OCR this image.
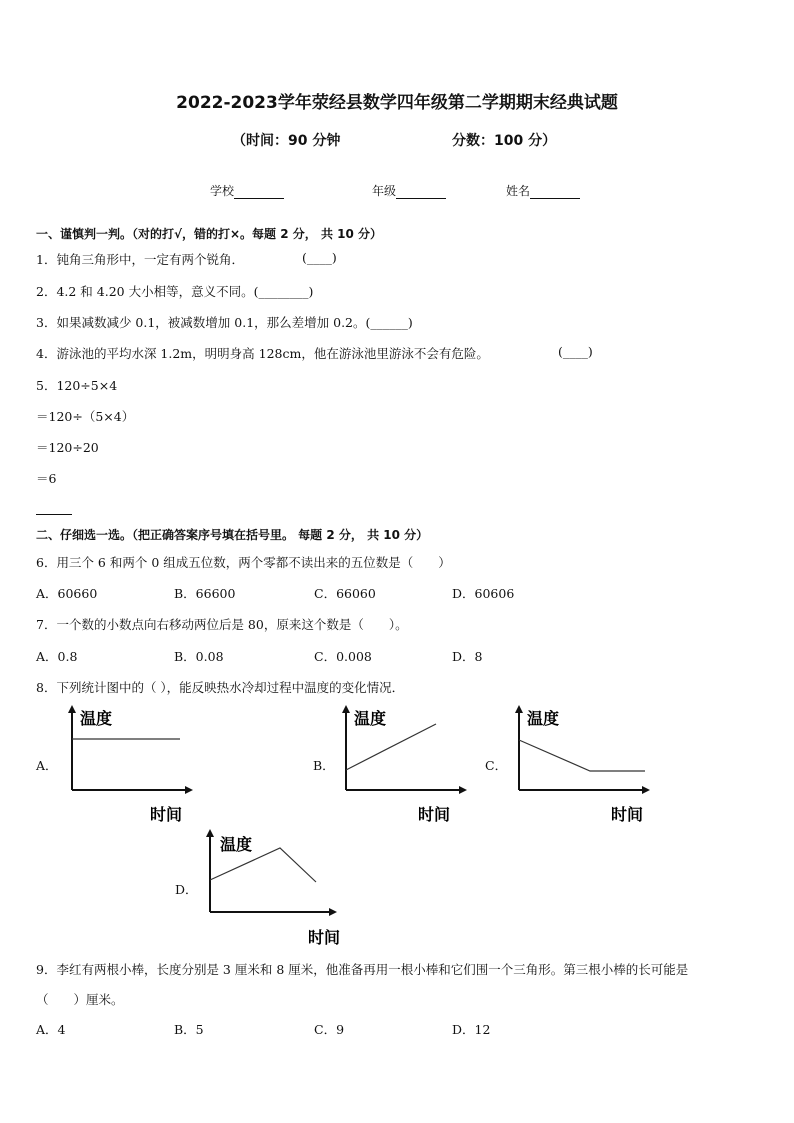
2022-2023学年荥经县数学四年级第二学期期末经典试题
（时间：90 分钟	分数：100 分）
学校	年级	姓名
一、谨慎判一判。（对的打√，错的打×。每题 2 分， 共 10 分）
1．钝角三角形中，一定有两个锐角．	(____)
2．4.2 和 4.20 大小相等，意义不同。(________)
3．如果减数减少 0.1，被减数增加 0.1，那么差增加 0.2。(______)
4．游泳池的平均水深 1.2m，明明身高 128cm，他在游泳池里游泳不会有危险。	(____)
5．120÷5×4
＝120÷（5×4）
＝120÷20
＝6
二、仔细选一选。（把正确答案序号填在括号里。 每题 2 分， 共 10 分）
6．用三个 6 和两个 0 组成五位数，两个零都不读出来的五位数是（　　）
A．60660	B．66600	C．66060	D．60606
7．一个数的小数点向右移动两位后是 80，原来这个数是（　　）。
A．0.8	B．0.08	C．0.008	D．8
8．下列统计图中的（ ），能反映热水冷却过程中温度的变化情况．
A．	B．	C．
D．
温度
时间
温度
时间
温度
时间
温度
时间
9．李红有两根小棒，长度分别是 3 厘米和 8 厘米，他准备再用一根小棒和它们围一个三角形。第三根小棒的长可能是
（　　）厘米。
A．4	B．5	C．9	D．12
